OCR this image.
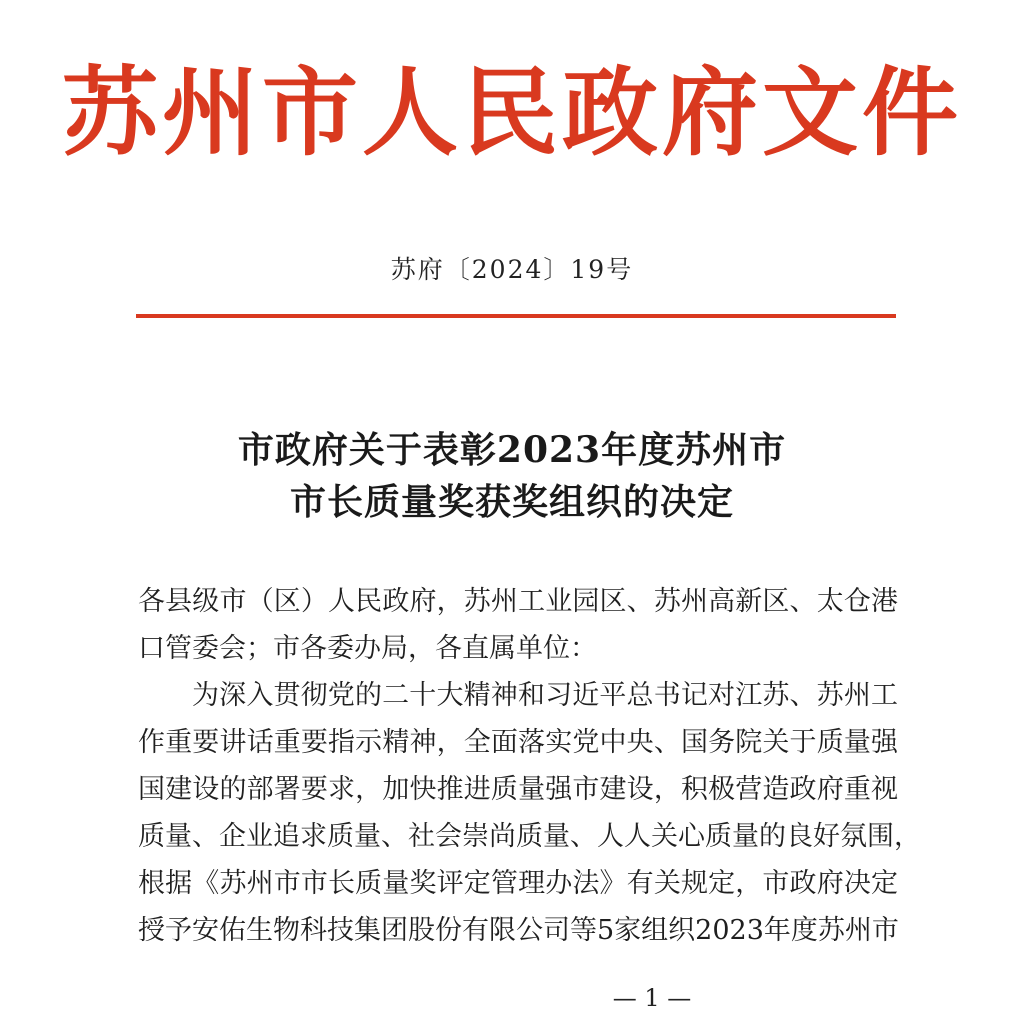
苏州市人民政府文件
苏府〔2024〕19号
市政府关于表彰2023年度苏州市
市长质量奖获奖组织的决定
各县级市（区）人民政府，苏州工业园区、苏州高新区、太仓港
口管委会；市各委办局，各直属单位：
为深入贯彻党的二十大精神和习近平总书记对江苏、苏州工
作重要讲话重要指示精神，全面落实党中央、国务院关于质量强
国建设的部署要求，加快推进质量强市建设，积极营造政府重视
质量、企业追求质量、社会崇尚质量、人人关心质量的良好氛围，
根据《苏州市市长质量奖评定管理办法》有关规定，市政府决定
授予安佑生物科技集团股份有限公司等5家组织2023年度苏州市
— 1 —
